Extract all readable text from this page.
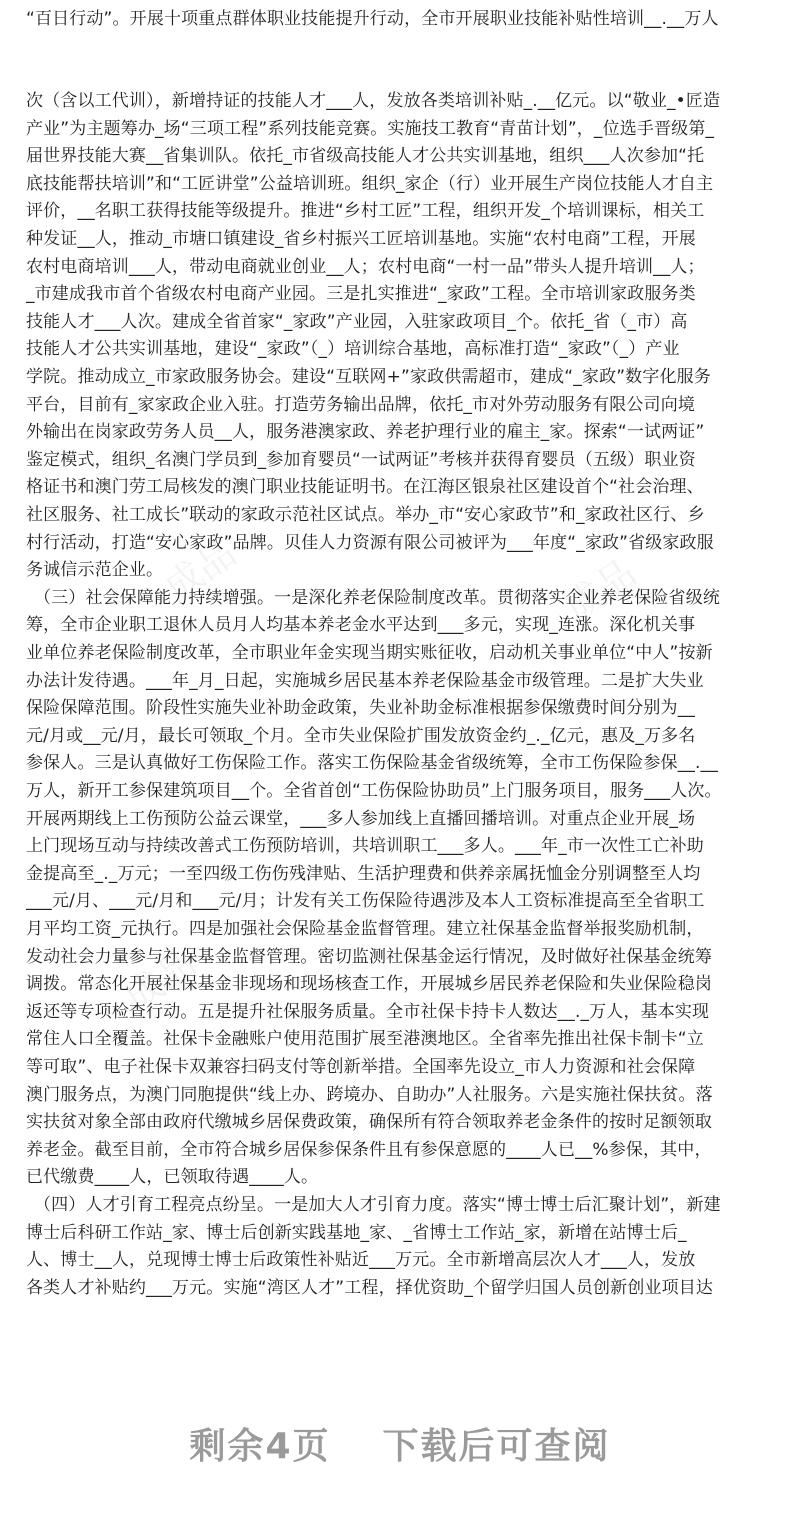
“百日行动”。开展十项重点群体职业技能提升行动，全市开展职业技能补贴性培训__.__万人
次（含以工代训），新增持证的技能人才___人，发放各类培训补贴_.__亿元。以“敬业_•匠造
产业”为主题筹办_场“三项工程”系列技能竞赛。实施技工教育“青苗计划”，_位选手晋级第_
届世界技能大赛__省集训队。依托_市省级高技能人才公共实训基地，组织___人次参加“托
底技能帮扶培训”和“工匠讲堂”公益培训班。组织_家企（行）业开展生产岗位技能人才自主
评价，__名职工获得技能等级提升。推进“乡村工匠”工程，组织开发_个培训课标，相关工
种发证__人，推动_市塘口镇建设_省乡村振兴工匠培训基地。实施“农村电商”工程，开展
农村电商培训___人，带动电商就业创业__人；农村电商“一村一品”带头人提升培训__人；
_市建成我市首个省级农村电商产业园。三是扎实推进“_家政”工程。全市培训家政服务类
技能人才___人次。建成全省首家“_家政”产业园，入驻家政项目_个。依托_省（_市）高
技能人才公共实训基地，建设“_家政”（_）培训综合基地，高标准打造“_家政”（_）产业
学院。推动成立_市家政服务协会。建设“互联网+”家政供需超市，建成“_家政”数字化服务
平台，目前有_家家政企业入驻。打造劳务输出品牌，依托_市对外劳动服务有限公司向境
外输出在岗家政劳务人员__人，服务港澳家政、养老护理行业的雇主_家。探索“一试两证”
鉴定模式，组织_名澳门学员到_参加育婴员“一试两证”考核并获得育婴员（五级）职业资
格证书和澳门劳工局核发的澳门职业技能证明书。在江海区银泉社区建设首个“社会治理、
社区服务、社工成长”联动的家政示范社区试点。举办_市“安心家政节”和_家政社区行、乡
村行活动，打造“安心家政”品牌。贝佳人力资源有限公司被评为___年度“_家政”省级家政服
务诚信示范企业。
（三）社会保障能力持续增强。一是深化养老保险制度改革。贯彻落实企业养老保险省级统
筹，全市企业职工退休人员月人均基本养老金水平达到___多元，实现_连涨。深化机关事
业单位养老保险制度改革，全市职业年金实现当期实账征收，启动机关事业单位“中人”按新
办法计发待遇。___年_月_日起，实施城乡居民基本养老保险基金市级管理。二是扩大失业
保险保障范围。阶段性实施失业补助金政策，失业补助金标准根据参保缴费时间分别为__
元/月或__元/月，最长可领取_个月。全市失业保险扩围发放资金约_._亿元，惠及_万多名
参保人。三是认真做好工伤保险工作。落实工伤保险基金省级统筹，全市工伤保险参保__.__
万人，新开工参保建筑项目__个。全省首创“工伤保险协助员”上门服务项目，服务___人次。
开展两期线上工伤预防公益云课堂，___多人参加线上直播回播培训。对重点企业开展_场
上门现场互动与持续改善式工伤预防培训，共培训职工___多人。___年_市一次性工亡补助
金提高至_._万元；一至四级工伤伤残津贴、生活护理费和供养亲属抚恤金分别调整至人均
___元/月、___元/月和___元/月；计发有关工伤保险待遇涉及本人工资标准提高至全省职工
月平均工资_元执行。四是加强社会保险基金监督管理。建立社保基金监督举报奖励机制，
发动社会力量参与社保基金监督管理。密切监测社保基金运行情况，及时做好社保基金统筹
调拨。常态化开展社保基金非现场和现场核查工作，开展城乡居民养老保险和失业保险稳岗
返还等专项检查行动。五是提升社保服务质量。全市社保卡持卡人数达__._万人，基本实现
常住人口全覆盖。社保卡金融账户使用范围扩展至港澳地区。全省率先推出社保卡制卡“立
等可取”、电子社保卡双兼容扫码支付等创新举措。全国率先设立_市人力资源和社会保障
澳门服务点，为澳门同胞提供“线上办、跨境办、自助办”人社服务。六是实施社保扶贫。落
实扶贫对象全部由政府代缴城乡居保费政策，确保所有符合领取养老金条件的按时足额领取
养老金。截至目前，全市符合城乡居保参保条件且有参保意愿的____人已__%参保，其中，
已代缴费____人，已领取待遇____人。
（四）人才引育工程亮点纷呈。一是加大人才引育力度。落实“博士博士后汇聚计划”，新建
博士后科研工作站_家、博士后创新实践基地_家、_省博士工作站_家，新增在站博士后_
人、博士__人，兑现博士博士后政策性补贴近___万元。全市新增高层次人才___人，发放
各类人才补贴约___万元。实施“湾区人才”工程，择优资助_个留学归国人员创新创业项目达
成品	成品
成品
剩余4页 下载后可查阅
